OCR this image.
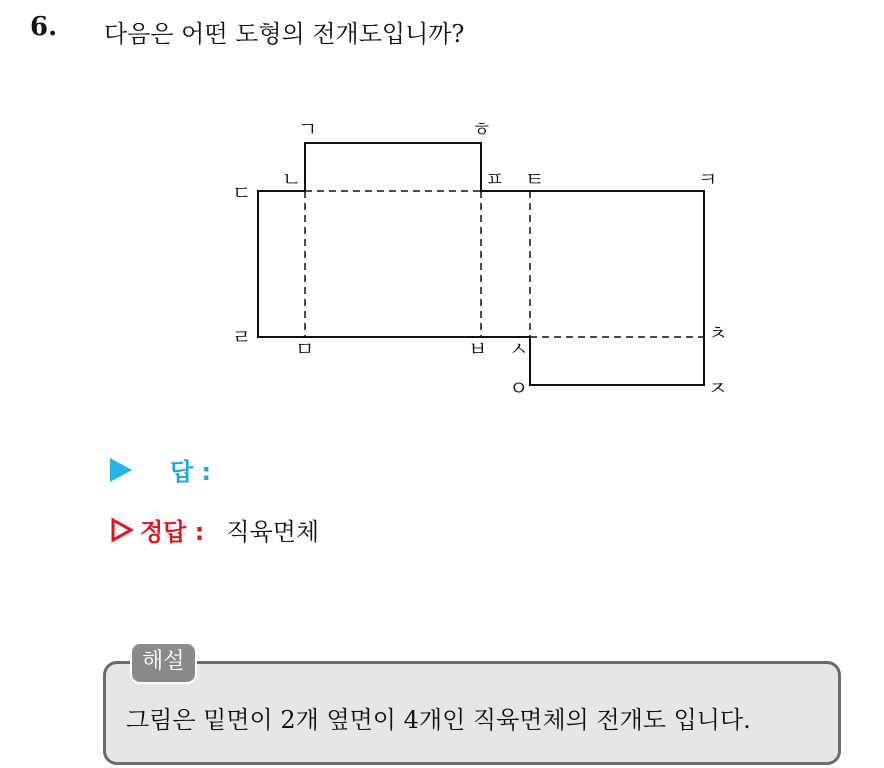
6. 다음은 어떤 도형의 전개도입니까?
ㄱ	ㅎ
ㄴ	ㅍ ㅌ	ㅋ
ㄷ
ㄹ ㅁ	ㅂ ㅅ
ㅊ
ㅇ	ㅈ
답 :
정답 : 직육면체
해설
그림은 밑면이 2개 옆면이 4개인 직육면체의 전개도 입니다.
